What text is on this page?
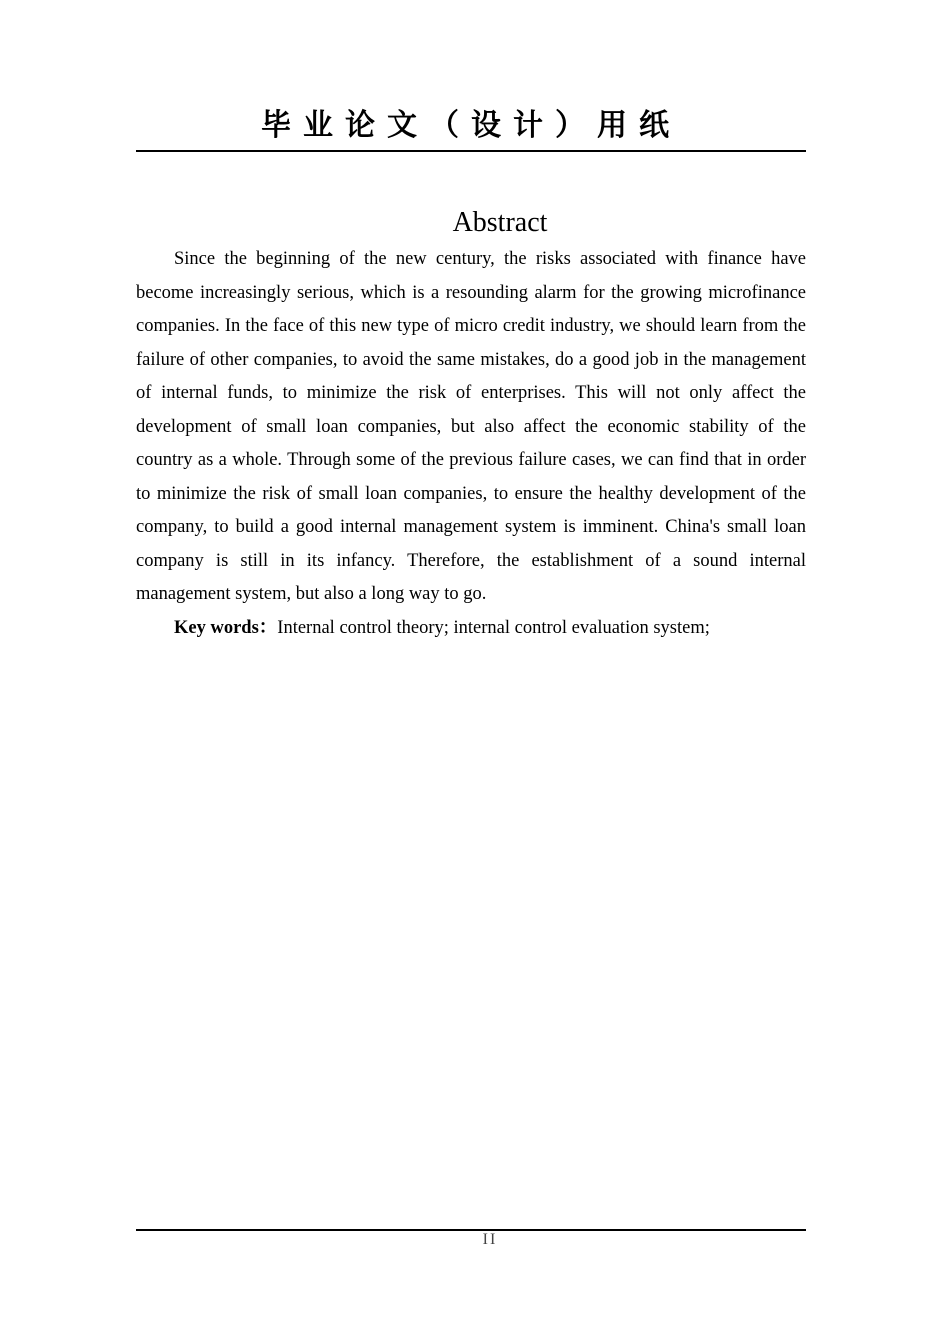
毕业论文（设计）用纸
Abstract

Since the beginning of the new century, the risks associated with finance have become increasingly serious, which is a resounding alarm for the growing microfinance companies. In the face of this new type of micro credit industry, we should learn from the failure of other companies, to avoid the same mistakes, do a good job in the management of internal funds, to minimize the risk of enterprises. This will not only affect the development of small loan companies, but also affect the economic stability of the country as a whole. Through some of the previous failure cases, we can find that in order to minimize the risk of small loan companies, to ensure the healthy development of the company, to build a good internal management system is imminent. China's small loan company is still in its infancy. Therefore, the establishment of a sound internal management system, but also a long way to go.

Key words：Internal control theory; internal control evaluation system;

II
